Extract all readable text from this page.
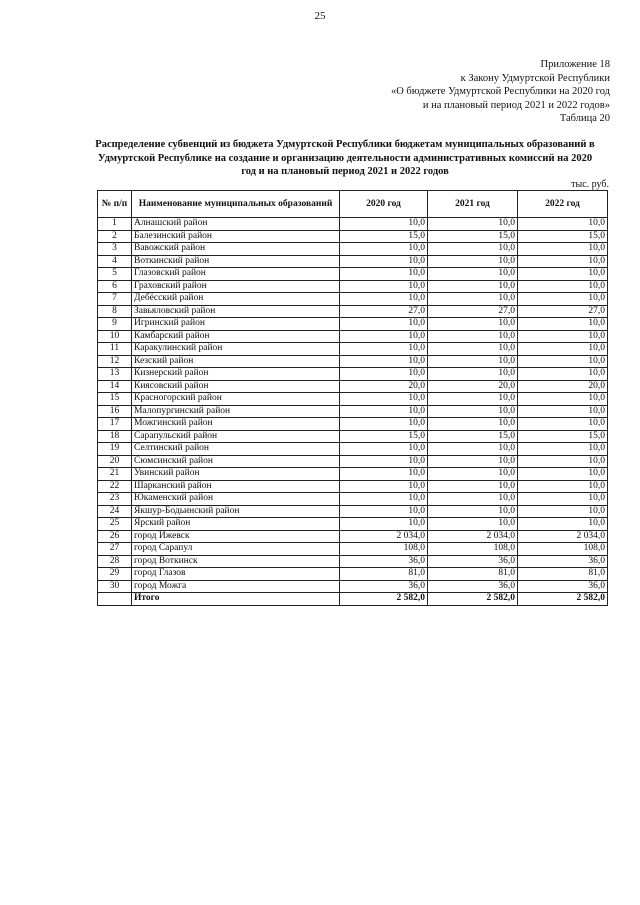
25
Приложение 18
к Закону Удмуртской Республики
«О бюджете Удмуртской Республики на 2020 год
и на плановый период 2021 и 2022 годов»
Таблица 20
Распределение субвенций из бюджета Удмуртской Республики бюджетам муниципальных образований в Удмуртской Республике на создание и организацию деятельности административных комиссий на 2020 год и на плановый период 2021 и 2022 годов
тыс. руб.
№ п/п	Наименование муниципальных образований	2020 год	2021 год	2022 год
1	Алнашский район	10,0	10,0	10,0
2	Балезинский район	15,0	15,0	15,0
3	Вавожский район	10,0	10,0	10,0
4	Воткинский район	10,0	10,0	10,0
5	Глазовский район	10,0	10,0	10,0
6	Граховский район	10,0	10,0	10,0
7	Дебёсский район	10,0	10,0	10,0
8	Завьяловский район	27,0	27,0	27,0
9	Игринский район	10,0	10,0	10,0
10	Камбарский район	10,0	10,0	10,0
11	Каракулинский район	10,0	10,0	10,0
12	Кезский район	10,0	10,0	10,0
13	Кизнерский район	10,0	10,0	10,0
14	Киясовский район	20,0	20,0	20,0
15	Красногорский район	10,0	10,0	10,0
16	Малопургинский район	10,0	10,0	10,0
17	Можгинский район	10,0	10,0	10,0
18	Сарапульский район	15,0	15,0	15,0
19	Селтинский район	10,0	10,0	10,0
20	Сюмсинский район	10,0	10,0	10,0
21	Увинский район	10,0	10,0	10,0
22	Шарканский район	10,0	10,0	10,0
23	Юкаменский район	10,0	10,0	10,0
24	Якшур-Бодьинский район	10,0	10,0	10,0
25	Ярский район	10,0	10,0	10,0
26	город Ижевск	2 034,0	2 034,0	2 034,0
27	город Сарапул	108,0	108,0	108,0
28	город Воткинск	36,0	36,0	36,0
29	город Глазов	81,0	81,0	81,0
30	город Можга	36,0	36,0	36,0
	Итого	2 582,0	2 582,0	2 582,0
